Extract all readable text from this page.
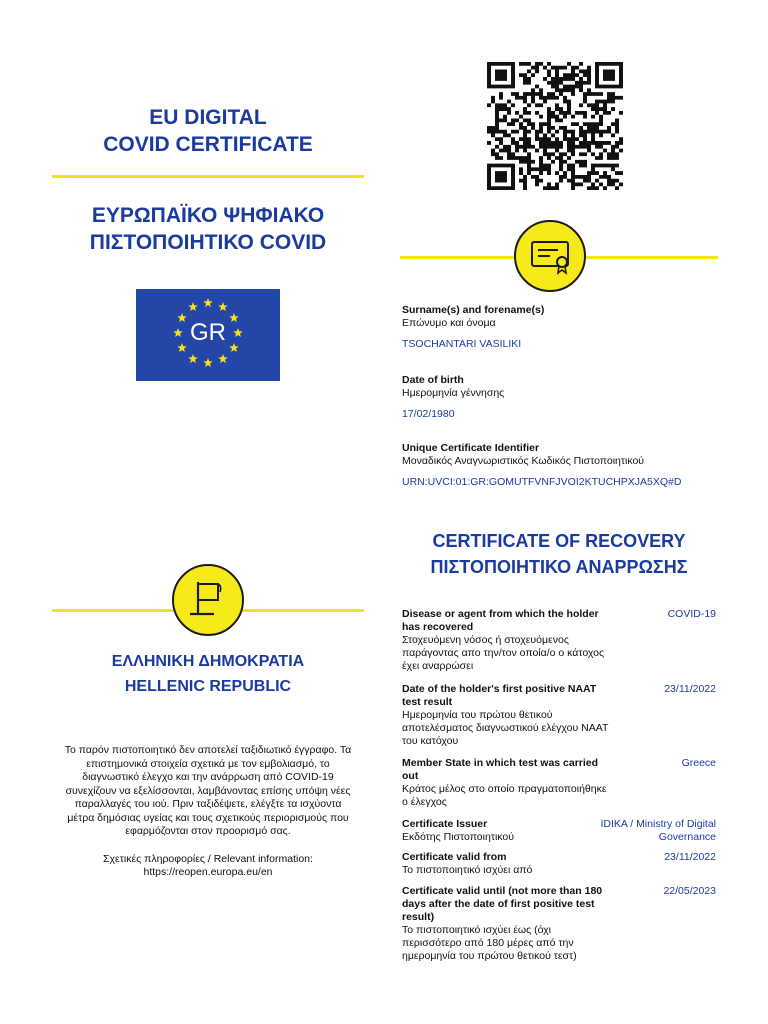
EU DIGITAL
COVID CERTIFICATE
ΕΥΡΩΠΑΪΚΟ ΨΗΦΙΑΚΟ
ΠΙΣΤΟΠΟΙΗΤΙΚΟ COVID
GR
Surname(s) and forename(s)
Επώνυμο και όνομα
TSOCHANTARI VASILIKI
Date of birth
Ημερομηνία γέννησης
17/02/1980
Unique Certificate Identifier
Μοναδικός Αναγνωριστικός Κωδικός Πιστοποιητικού
URN:UVCI:01:GR:GOMUTFVNFJVOI2KTUCHPXJA5XQ#D
CERTIFICATE OF RECOVERY
ΠΙΣΤΟΠΟΙΗΤΙΚΟ ΑΝΑΡΡΩΣΗΣ
Disease or agent from which the holder has recovered
Στοχευόμενη νόσος ή στοχευόμενος παράγοντας απο την/τον οποία/ο ο κάτοχος έχει αναρρώσει
COVID-19
Date of the holder's first positive NAAT test result
Ημερομηνία του πρώτου θετικού αποτελέσματος διαγνωστικού ελέγχου NAAT του κατόχου
23/11/2022
Member State in which test was carried out
Κράτος μέλος στο οποίο πραγματοποιήθηκε ο έλεγχος
Greece
Certificate Issuer
Εκδότης Πιστοποιητικού
IDIKA / Ministry of Digital Governance
Certificate valid from
Το πιστοποιητικό ισχύει από
23/11/2022
Certificate valid until (not more than 180 days after the date of first positive test result)
Το πιστοποιητικό ισχύει έως (όχι περισσότερο από 180 μέρες από την ημερομηνία του πρώτου θετικού τεστ)
22/05/2023
ΕΛΛΗΝΙΚΗ ΔΗΜΟΚΡΑΤΙΑ
HELLENIC REPUBLIC
Το παρόν πιστοποιητικό δεν αποτελεί ταξιδιωτικό έγγραφο. Τα επιστημονικά στοιχεία σχετικά με τον εμβολιασμό, το διαγνωστικό έλεγχο και την ανάρρωση από COVID-19 συνεχίζουν να εξελίσσονται, λαμβάνοντας επίσης υπόψη νέες παραλλαγές του ιού. Πριν ταξιδέψετε, ελέγξτε τα ισχύοντα μέτρα δημόσιας υγείας και τους σχετικούς περιορισμούς που εφαρμόζονται στον προορισμό σας.
Σχετικές πληροφορίες / Relevant information:
https://reopen.europa.eu/en
